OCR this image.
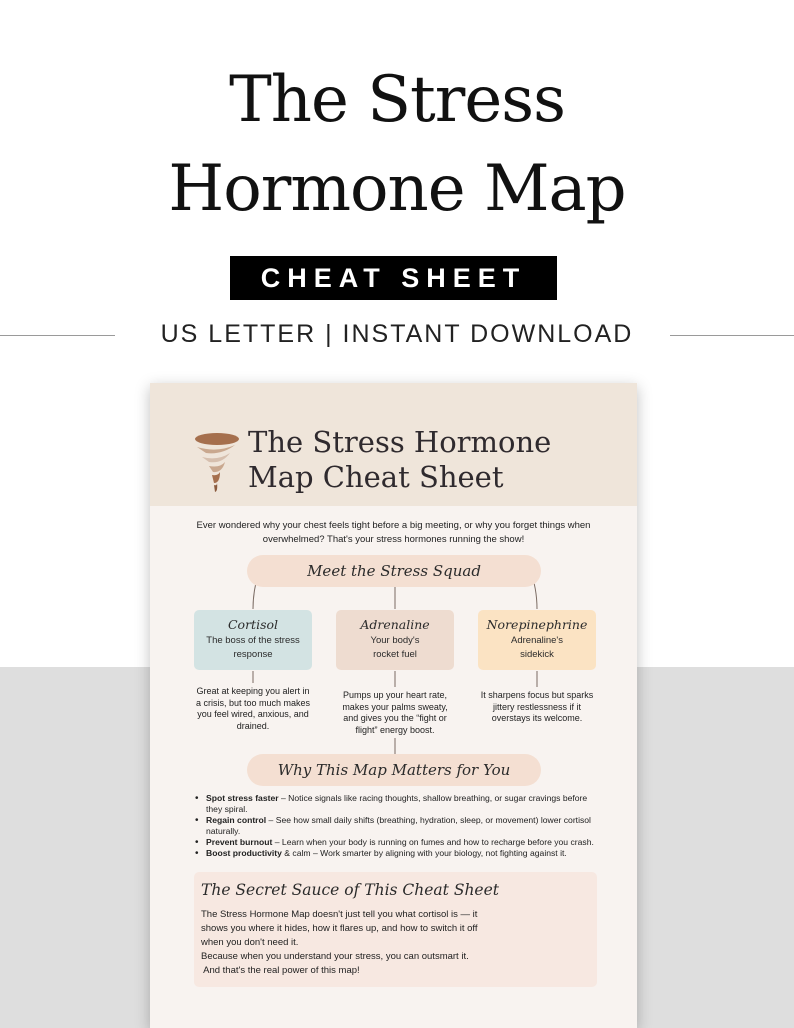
The Stress
Hormone Map
CHEAT SHEET
US LETTER | INSTANT DOWNLOAD
The Stress Hormone
Map Cheat Sheet
Ever wondered why your chest feels tight before a big meeting, or why you forget things when
overwhelmed? That's your stress hormones running the show!
Meet the Stress Squad
Cortisol
The boss of the stress
response
Adrenaline
Your body's
rocket fuel
Norepinephrine
Adrenaline's
sidekick
Great at keeping you alert in
a crisis, but too much makes
you feel wired, anxious, and
drained.
Pumps up your heart rate,
makes your palms sweaty,
and gives you the “fight or
flight” energy boost.
It sharpens focus but sparks
jittery restlessness if it
overstays its welcome.
Why This Map Matters for You
• Spot stress faster – Notice signals like racing thoughts, shallow breathing, or sugar cravings before
they spiral.
• Regain control – See how small daily shifts (breathing, hydration, sleep, or movement) lower cortisol
naturally.
• Prevent burnout – Learn when your body is running on fumes and how to recharge before you crash.
• Boost productivity & calm – Work smarter by aligning with your biology, not fighting against it.
The Secret Sauce of This Cheat Sheet
The Stress Hormone Map doesn't just tell you what cortisol is — it
shows you where it hides, how it flares up, and how to switch it off
when you don't need it.
Because when you understand your stress, you can outsmart it.
And that's the real power of this map!
